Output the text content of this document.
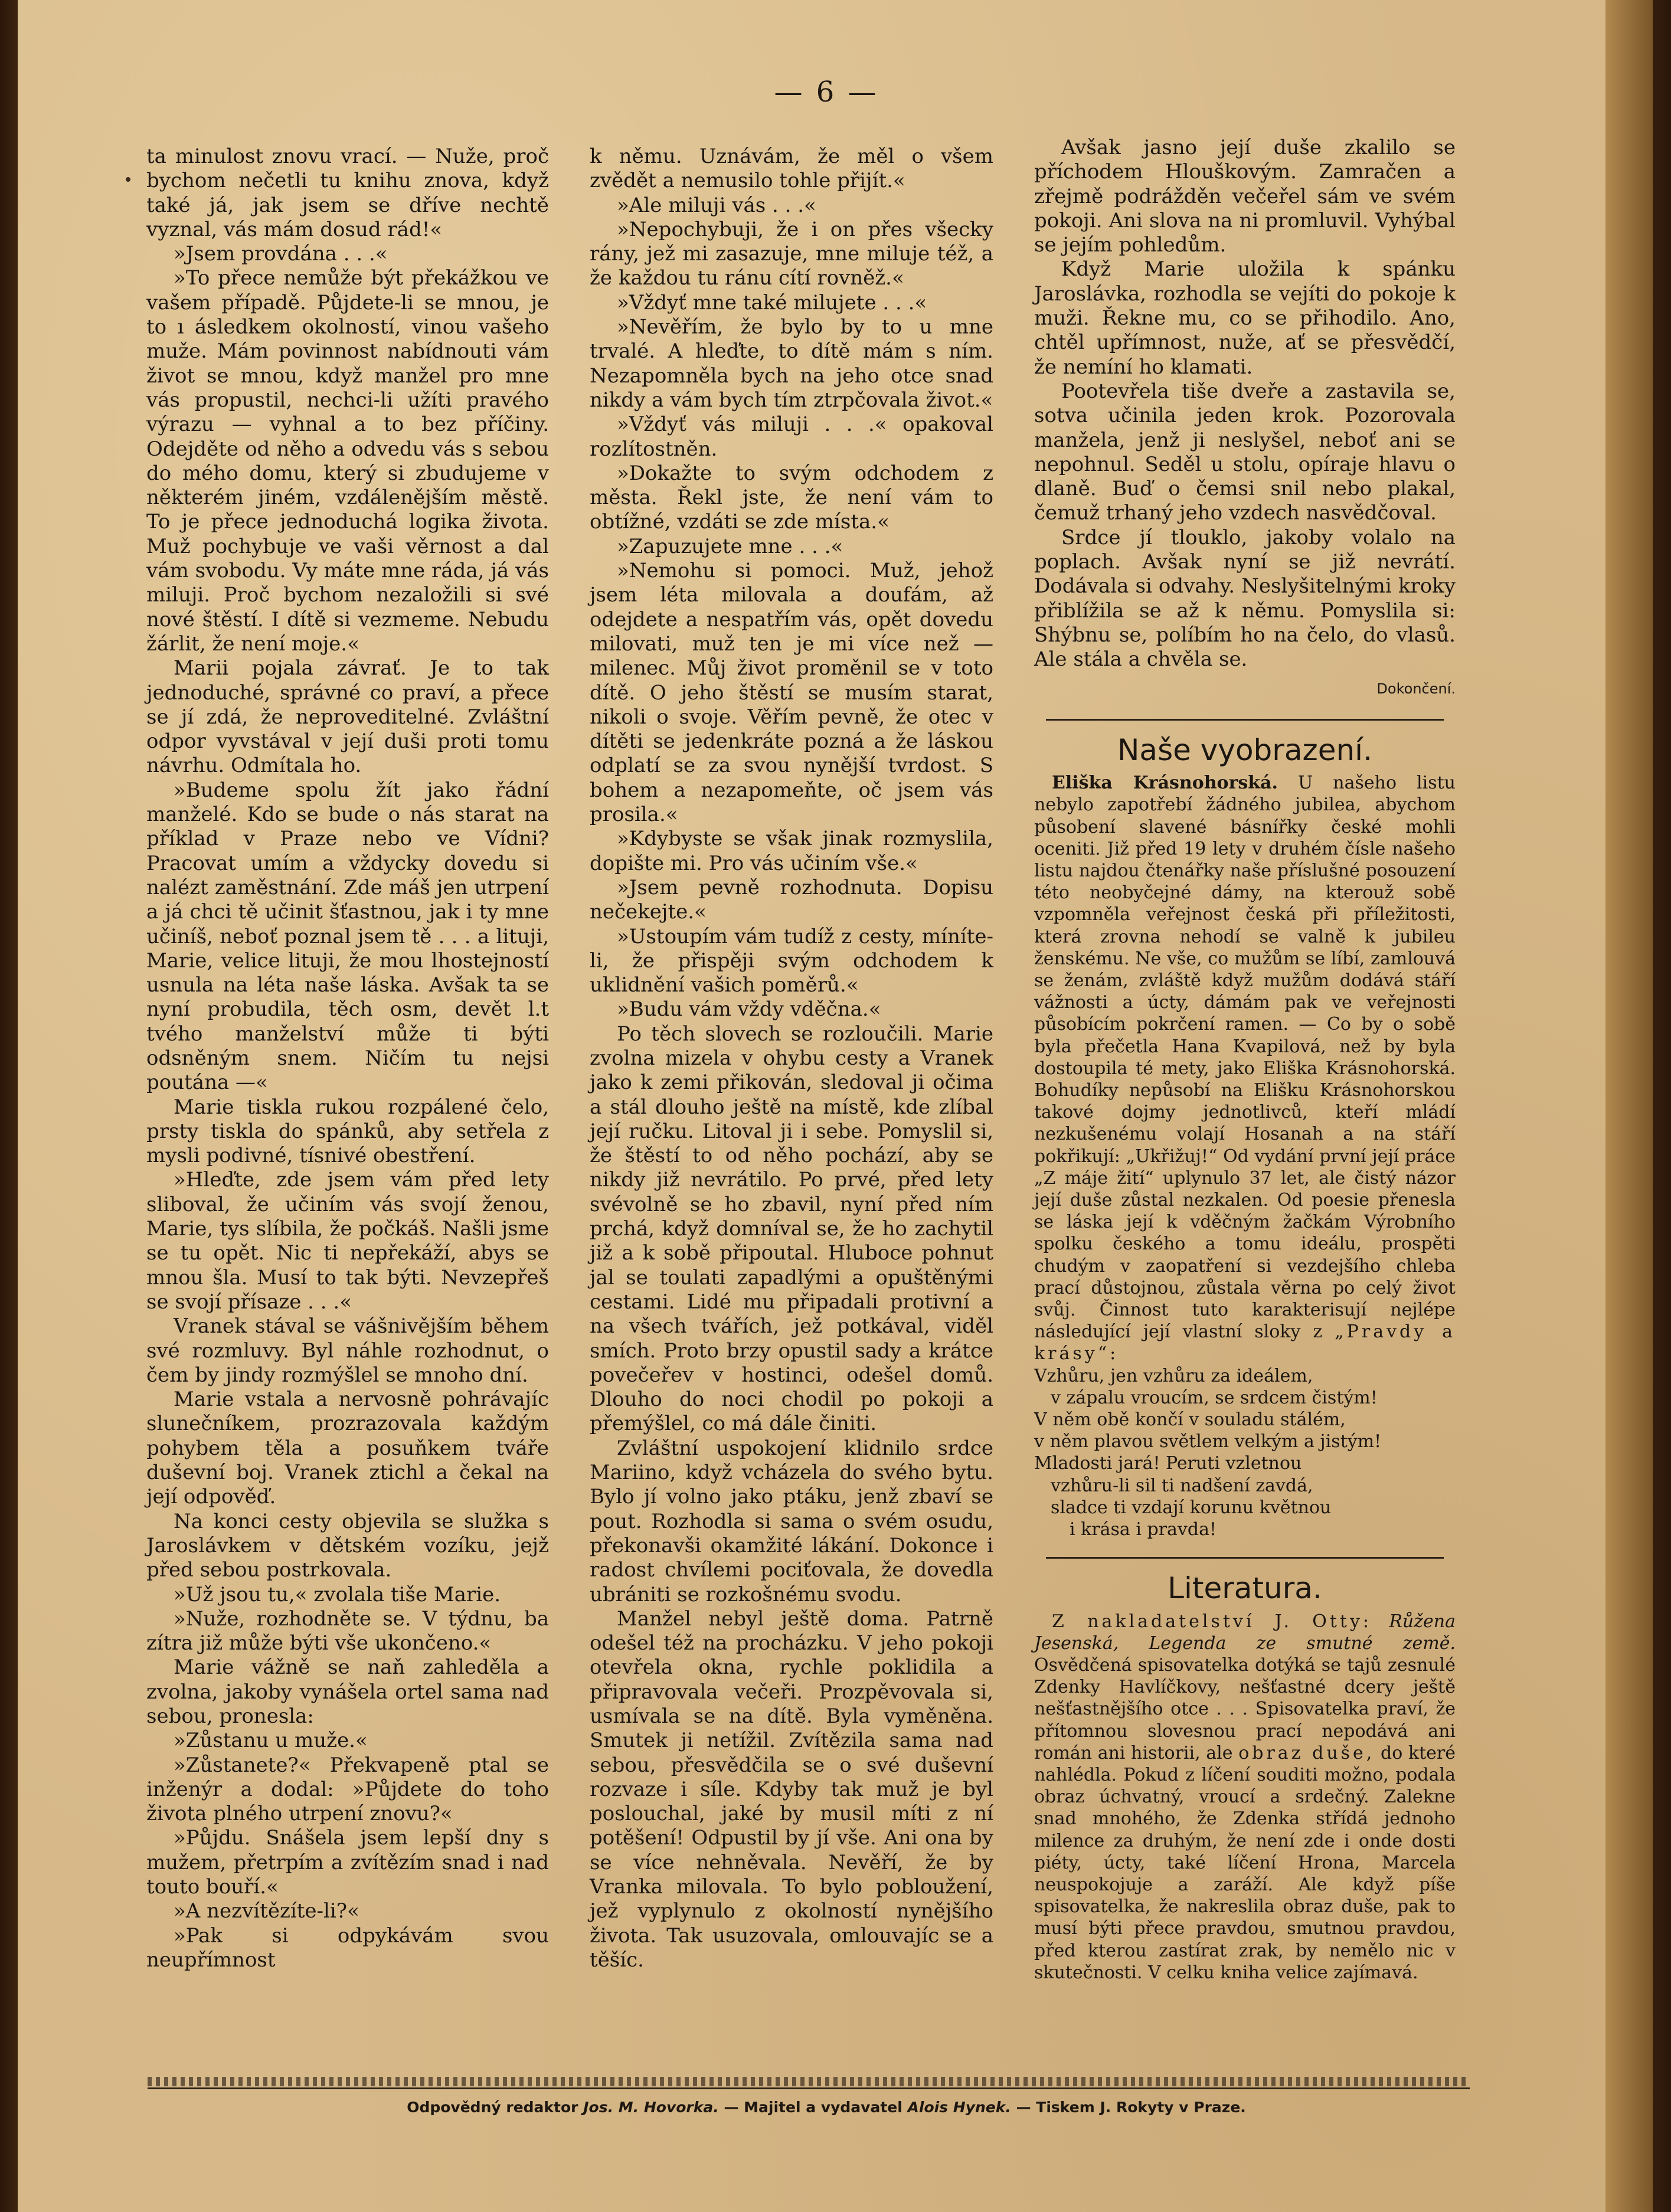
— 6 —

ta minulost znovu vrací. — Nuže, proč bychom nečetli tu knihu znova, když také já, jak jsem se dříve nechtě vyznal, vás mám dosud rád!«

»Jsem provdána . . .«

»To přece nemůže být překážkou ve vašem případě. Půjdete-li se mnou, je to ı ásledkem okolností, vinou vašeho muže. Mám povinnost nabídnouti vám život se mnou, když manžel pro mne vás propustil, nechci-li užíti pravého výrazu — vyhnal a to bez příčiny. Odejděte od něho a odvedu vás s sebou do mého domu, který si zbudujeme v některém jiném, vzdálenějším městě. To je přece jednoduchá logika života. Muž pochybuje ve vaši věrnost a dal vám svobodu. Vy máte mne ráda, já vás miluji. Proč bychom nezaložili si své nové štěstí. I dítě si vezmeme. Nebudu žárlit, že není moje.«

Marii pojala závrať. Je to tak jednoduché, správné co praví, a přece se jí zdá, že neproveditelné. Zvláštní odpor vyvstával v její duši proti tomu návrhu. Odmítala ho.

»Budeme spolu žít jako řádní manželé. Kdo se bude o nás starat na příklad v Praze nebo ve Vídni? Pracovat umím a vždycky dovedu si nalézt zaměstnání. Zde máš jen utrpení a já chci tě učinit šťastnou, jak i ty mne učiníš, neboť poznal jsem tě . . . a lituji, Marie, velice lituji, že mou lhostejností usnula na léta naše láska. Avšak ta se nyní probudila, těch osm, devět l.t tvého manželství může ti býti odsněným snem. Ničím tu nejsi poutána —«

Marie tiskla rukou rozpálené čelo, prsty tiskla do spánků, aby setřela z mysli podivné, tísnivé obestření.

»Hleďte, zde jsem vám před lety sliboval, že učiním vás svojí ženou, Marie, tys slíbila, že počkáš. Našli jsme se tu opět. Nic ti nepřekáží, abys se mnou šla. Musí to tak býti. Nevzepřeš se svojí přísaze . . .«

Vranek stával se vášnivějším během své rozmluvy. Byl náhle rozhodnut, o čem by jindy rozmýšlel se mnoho dní.

Marie vstala a nervosně pohrávajíc slunečníkem, prozrazovala každým pohybem těla a posuňkem tváře duševní boj. Vranek ztichl a čekal na její odpověď.

Na konci cesty objevila se služka s Jaroslávkem v dětském vozíku, jejž před sebou postrkovala.

»Už jsou tu,« zvolala tiše Marie.

»Nuže, rozhodněte se. V týdnu, ba zítra již může býti vše ukončeno.«

Marie vážně se naň zahleděla a zvolna, jakoby vynášela ortel sama nad sebou, pronesla:

»Zůstanu u muže.«

»Zůstanete?« Překvapeně ptal se inženýr a dodal: »Půjdete do toho života plného utrpení znovu?«

»Půjdu. Snášela jsem lepší dny s mužem, přetrpím a zvítězím snad i nad touto bouří.«

»A nezvítězíte-li?«

»Pak si odpykávám svou neupřímnost

k němu. Uznávám, že měl o všem zvědět a nemusilo tohle přijít.«

»Ale miluji vás . . .«

»Nepochybuji, že i on přes všecky rány, jež mi zasazuje, mne miluje též, a že každou tu ránu cítí rovněž.«

»Vždyť mne také milujete . . .«

»Nevěřím, že bylo by to u mne trvalé. A hleďte, to dítě mám s ním. Nezapomněla bych na jeho otce snad nikdy a vám bych tím ztrpčovala život.«

»Vždyť vás miluji . . .« opakoval rozlítostněn.

»Dokažte to svým odchodem z města. Řekl jste, že není vám to obtížné, vzdáti se zde místa.«

»Zapuzujete mne . . .«

»Nemohu si pomoci. Muž, jehož jsem léta milovala a doufám, až odejdete a nespatřím vás, opět dovedu milovati, muž ten je mi více než — milenec. Můj život proměnil se v toto dítě. O jeho štěstí se musím starat, nikoli o svoje. Věřím pevně, že otec v dítěti se jedenkráte pozná a že láskou odplatí se za svou nynější tvrdost. S bohem a nezapomeňte, oč jsem vás prosila.«

»Kdybyste se však jinak rozmyslila, dopište mi. Pro vás učiním vše.«

»Jsem pevně rozhodnuta. Dopisu nečekejte.«

»Ustoupím vám tudíž z cesty, míníte-li, že přispěji svým odchodem k uklidnění vašich poměrů.«

»Budu vám vždy vděčna.«

Po těch slovech se rozloučili. Marie zvolna mizela v ohybu cesty a Vranek jako k zemi přikován, sledoval ji očima a stál dlouho ještě na místě, kde zlíbal její ručku. Litoval ji i sebe. Pomyslil si, že štěstí to od něho pochází, aby se nikdy již nevrátilo. Po prvé, před lety svévolně se ho zbavil, nyní před ním prchá, když domníval se, že ho zachytil již a k sobě připoutal. Hluboce pohnut jal se toulati zapadlými a opuštěnými cestami. Lidé mu připadali protivní a na všech tvářích, jež potkával, viděl smích. Proto brzy opustil sady a krátce povečeřev v hostinci, odešel domů. Dlouho do noci chodil po pokoji a přemýšlel, co má dále činiti.

Zvláštní uspokojení klidnilo srdce Mariino, když vcházela do svého bytu. Bylo jí volno jako ptáku, jenž zbaví se pout. Rozhodla si sama o svém osudu, překonavši okamžité lákání. Dokonce i radost chvílemi pociťovala, že dovedla ubrániti se rozkošnému svodu.

Manžel nebyl ještě doma. Patrně odešel též na procházku. V jeho pokoji otevřela okna, rychle poklidila a připravovala večeři. Prozpěvovala si, usmívala se na dítě. Byla vyměněna. Smutek ji netížil. Zvítězila sama nad sebou, přesvědčila se o své duševní rozvaze i síle. Kdyby tak muž je byl poslouchal, jaké by musil míti z ní potěšení! Odpustil by jí vše. Ani ona by se více nehněvala. Nevěří, že by Vranka milovala. To bylo pobloužení, jež vyplynulo z okolností nynějšího života. Tak usuzovala, omlouvajíc se a těšíc.

Avšak jasno její duše zkalilo se příchodem Hlouškovým. Zamračen a zřejmě podrážděn večeřel sám ve svém pokoji. Ani slova na ni promluvil. Vyhýbal se jejím pohledům.

Když Marie uložila k spánku Jaroslávka, rozhodla se vejíti do pokoje k muži. Řekne mu, co se přihodilo. Ano, chtěl upřímnost, nuže, ať se přesvědčí, že nemíní ho klamati.

Pootevřela tiše dveře a zastavila se, sotva učinila jeden krok. Pozorovala manžela, jenž ji neslyšel, neboť ani se nepohnul. Seděl u stolu, opíraje hlavu o dlaně. Buď o čemsi snil nebo plakal, čemuž trhaný jeho vzdech nasvědčoval.

Srdce jí tlouklo, jakoby volalo na poplach. Avšak nyní se již nevrátí. Dodávala si odvahy. Neslyšitelnými kroky přiblížila se až k němu. Pomyslila si: Shýbnu se, políbím ho na čelo, do vlasů. Ale stála a chvěla se.

Dokončení.
Naše vyobrazení.

Eliška Krásnohorská. U našeho listu nebylo zapotřebí žádného jubilea, abychom působení slavené básnířky české mohli oceniti. Již před 19 lety v druhém čísle našeho listu najdou čtenářky naše příslušné posouzení této neobyčejné dámy, na kterouž sobě vzpomněla veřejnost česká při příležitosti, která zrovna nehodí se valně k jubileu ženskému. Ne vše, co mužům se líbí, zamlouvá se ženám, zvláště když mužům dodává stáří vážnosti a úcty, dámám pak ve veřejnosti působícím pokrčení ramen. — Co by o sobě byla přečetla Hana Kvapilová, než by byla dostoupila té mety, jako Eliška Krásnohorská. Bohudíky nepůsobí na Elišku Krásnohorskou takové dojmy jednotlivců, kteří mládí nezkušenému volají Hosanah a na stáří pokřikují: „Ukřižuj!“ Od vydání první její práce „Z máje žití“ uplynulo 37 let, ale čistý názor její duše zůstal nezkalen. Od poesie přenesla se láska její k vděčným žačkám Výrobního spolku českého a tomu ideálu, prospěti chudým v zaopatření si vezdejšího chleba prací důstojnou, zůstala věrna po celý život svůj. Činnost tuto karakterisují nejlépe následující její vlastní sloky z „Pravdy a krásy“:

Vzhůru, jen vzhůru za ideálem,
v zápalu vroucím, se srdcem čistým!
V něm obě končí v souladu stálém,
v něm plavou světlem velkým a jistým!
Mladosti jará! Peruti vzletnou
vzhůru-li sil ti nadšení zavdá,
sladce ti vzdají korunu květnou
i krása i pravda!
Literatura.

Z nakladatelství J. Otty: Růžena Jesenská, Legenda ze smutné země. Osvědčená spisovatelka dotýká se tajů zesnulé Zdenky Havlíčkovy, nešťastné dcery ještě nešťastnějšího otce . . . Spisovatelka praví, že přítomnou slovesnou prací nepodává ani román ani historii, ale obraz duše, do které nahlédla. Pokud z líčení souditi možno, podala obraz úchvatný, vroucí a srdečný. Zalekne snad mnohého, že Zdenka střídá jednoho milence za druhým, že není zde i onde dosti piéty, úcty, také líčení Hrona, Marcela neuspokojuje a zaráží. Ale když píše spisovatelka, že nakreslila obraz duše, pak to musí býti přece pravdou, smutnou pravdou, před kterou zastírat zrak, by nemělo nic v skutečnosti. V celku kniha velice zajímavá.

Odpovědný redaktor Jos. M. Hovorka. — Majitel a vydavatel Alois Hynek. — Tiskem J. Rokyty v Praze.
